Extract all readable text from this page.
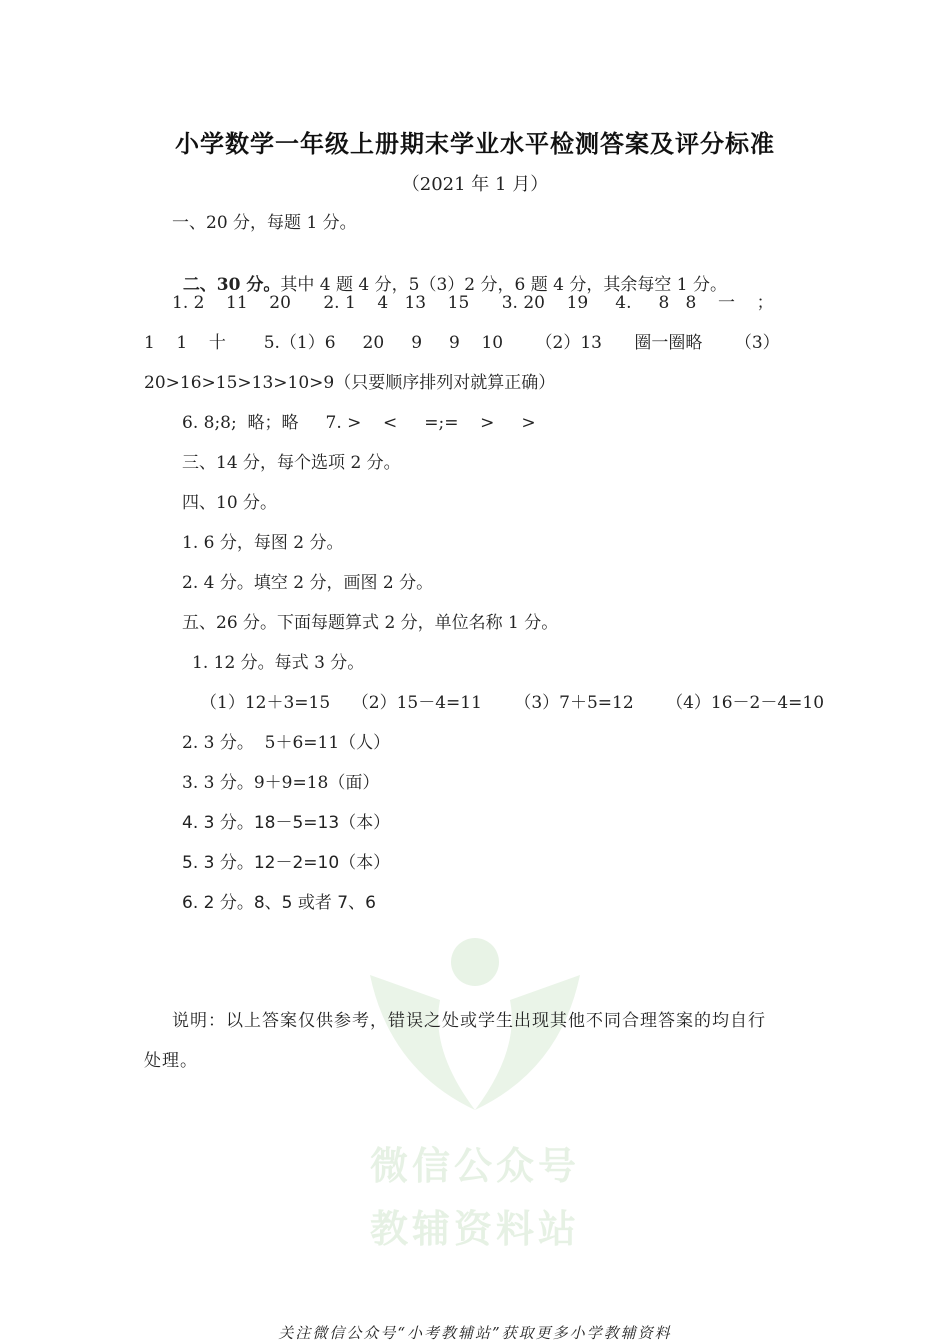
微信公众号
教辅资料站
小学数学一年级上册期末学业水平检测答案及评分标准
（2021 年 1 月）
一、20 分，每题 1 分。

二、30 分。其中 4 题 4 分，5（3）2 分，6 题 4 分，其余每空 1 分。

1. 2    11    20      2. 1    4   13    15      3. 20    19     4.     8   8    一    ；
1    1    十       5.（1）6     20     9     9    10      （2）13      圈一圈略      （3）
20>16>15>13>10>9（只要顺序排列对就算正确）
6. 8;8;  略；略     7. >    <     =;=    >     >
三、14 分，每个选项 2 分。
四、10 分。
1. 6 分，每图 2 分。
2. 4 分。填空 2 分，画图 2 分。
五、26 分。下面每题算式 2 分，单位名称 1 分。
1. 12 分。每式 3 分。
（1）12＋3=15    （2）15－4=11      （3）7＋5=12      （4）16－2－4=10
2. 3 分。  5＋6=11（人）
3. 3 分。9＋9=18（面）
4. 3 分。18－5=13（本）
5. 3 分。12－2=10（本）
6. 2 分。8、5 或者 7、6
说明：以上答案仅供参考，错误之处或学生出现其他不同合理答案的均自行
处理。
关注微信公众号“小考教辅站”获取更多小学教辅资料
